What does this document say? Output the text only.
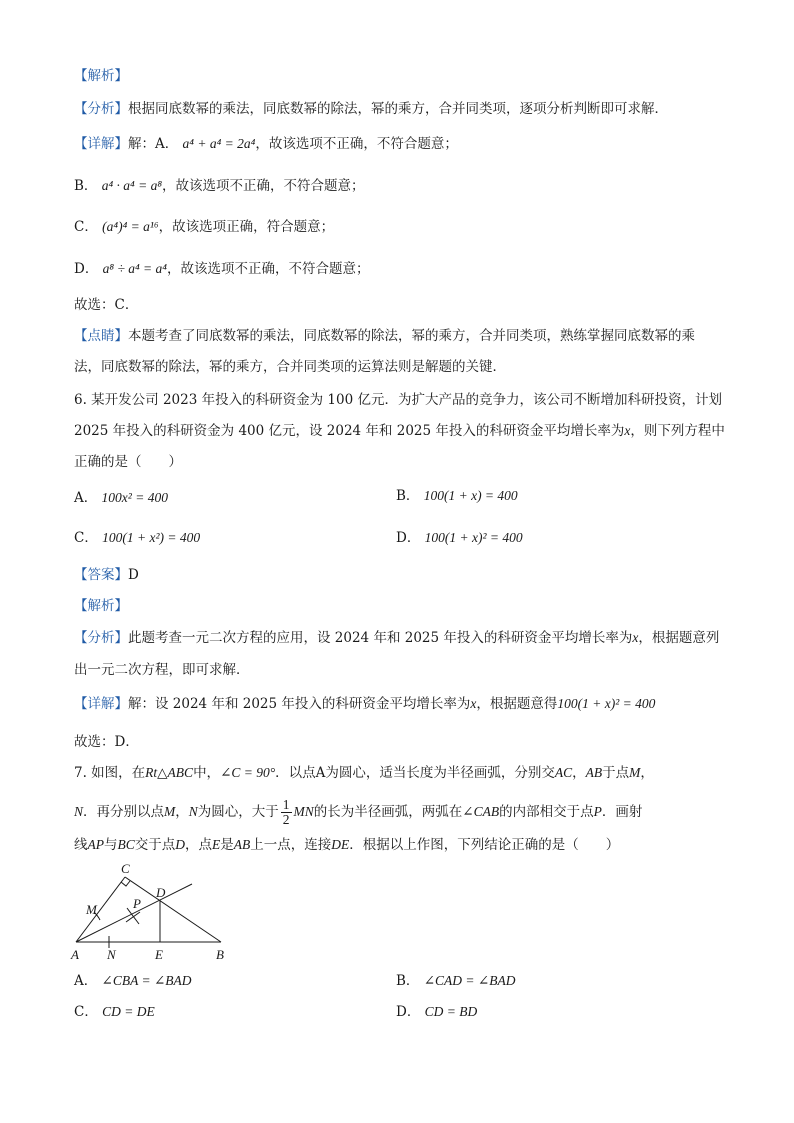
【解析】
【分析】根据同底数幂的乘法，同底数幂的除法，幂的乘方，合并同类项，逐项分析判断即可求解．
【详解】解：A． a⁴ + a⁴ = 2a⁴，故该选项不正确，不符合题意；
B． a⁴ · a⁴ = a⁸，故该选项不正确，不符合题意；
C． (a⁴)⁴ = a¹⁶，故该选项正确，符合题意；
D． a⁸ ÷ a⁴ = a⁴，故该选项不正确，不符合题意；
故选：C．
【点睛】本题考查了同底数幂的乘法，同底数幂的除法，幂的乘方，合并同类项，熟练掌握同底数幂的乘
法，同底数幂的除法，幂的乘方，合并同类项的运算法则是解题的关键．
6. 某开发公司 2023 年投入的科研资金为 100 亿元．为扩大产品的竞争力，该公司不断增加科研投资，计划
2025 年投入的科研资金为 400 亿元，设 2024 年和 2025 年投入的科研资金平均增长率为x，则下列方程中
正确的是（　　）
A． 100x² = 400	B． 100(1 + x) = 400
C． 100(1 + x²) = 400	D． 100(1 + x)² = 400
【答案】D
【解析】
【分析】此题考查一元二次方程的应用，设 2024 年和 2025 年投入的科研资金平均增长率为x，根据题意列
出一元二次方程，即可求解．
【详解】解：设 2024 年和 2025 年投入的科研资金平均增长率为x，根据题意得100(1 + x)² = 400
故选：D．
7. 如图，在Rt△ABC中，∠C = 90°．以点A为圆心，适当长度为半径画弧，分别交AC，AB于点M，
N．再分别以点M，N为圆心，大于 $\frac{1}{2}$ MN的长为半径画弧，两弧在∠CAB的内部相交于点P．画射
线AP与BC交于点D，点E是AB上一点，连接DE．根据以上作图，下列结论正确的是（　　）
C
D
M	P
A N	E	B
A． ∠CBA = ∠BAD	B． ∠CAD = ∠BAD
C． CD = DE	D． CD = BD
